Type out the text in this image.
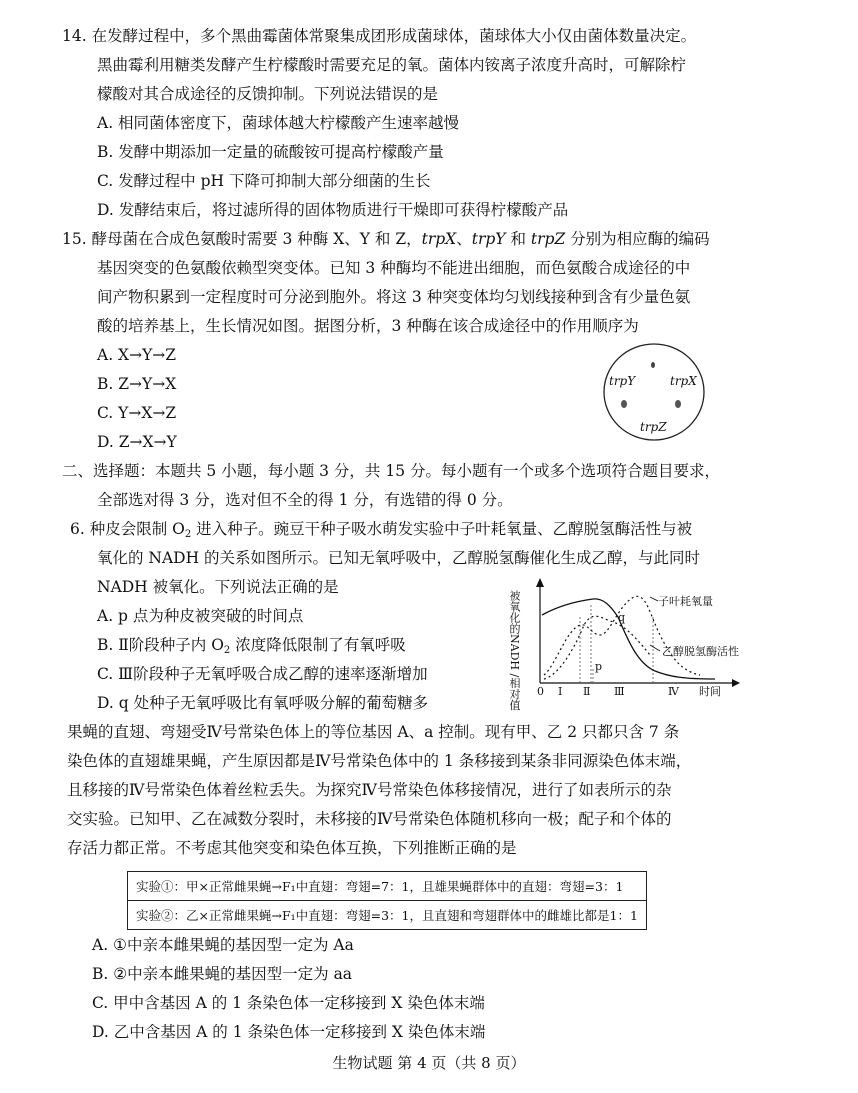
14. 在发酵过程中，多个黑曲霉菌体常聚集成团形成菌球体，菌球体大小仅由菌体数量决定。
黑曲霉利用糖类发酵产生柠檬酸时需要充足的氧。菌体内铵离子浓度升高时，可解除柠
檬酸对其合成途径的反馈抑制。下列说法错误的是
A. 相同菌体密度下，菌球体越大柠檬酸产生速率越慢
B. 发酵中期添加一定量的硫酸铵可提高柠檬酸产量
C. 发酵过程中 pH 下降可抑制大部分细菌的生长
D. 发酵结束后，将过滤所得的固体物质进行干燥即可获得柠檬酸产品
15. 酵母菌在合成色氨酸时需要 3 种酶 X、Y 和 Z，trpX、trpY 和 trpZ 分别为相应酶的编码
基因突变的色氨酸依赖型突变体。已知 3 种酶均不能进出细胞，而色氨酸合成途径的中
间产物积累到一定程度时可分泌到胞外。将这 3 种突变体均匀划线接种到含有少量色氨
酸的培养基上，生长情况如图。据图分析，3 种酶在该合成途径中的作用顺序为
A. X→Y→Z
B. Z→Y→X
C. Y→X→Z
D. Z→X→Y
trpY	trpX
trpZ
二、选择题：本题共 5 小题，每小题 3 分，共 15 分。每小题有一个或多个选项符合题目要求，
全部选对得 3 分，选对但不全的得 1 分，有选错的得 0 分。
6. 种皮会限制 $O_2$ 进入种子。豌豆干种子吸水萌发实验中子叶耗氧量、乙醇脱氢酶活性与被
氧化的 NADH 的关系如图所示。已知无氧呼吸中，乙醇脱氢酶催化生成乙醇，与此同时
NADH 被氧化。下列说法正确的是
A. p 点为种皮被突破的时间点
B. Ⅱ阶段种子内 $O_2$ 浓度降低限制了有氧呼吸
C. Ⅲ阶段种子无氧呼吸合成乙醇的速率逐渐增加
D. q 处种子无氧呼吸比有氧呼吸分解的葡萄糖多	被氧化的NADH /相对值	p
q
子叶耗氧量
乙醇脱氢酶活性
0 Ⅰ Ⅱ Ⅲ	Ⅳ 时间
果蝇的直翅、弯翅受Ⅳ号常染色体上的等位基因 A、a 控制。现有甲、乙 2 只都只含 7 条
染色体的直翅雄果蝇，产生原因都是Ⅳ号常染色体中的 1 条移接到某条非同源染色体末端，
且移接的Ⅳ号常染色体着丝粒丢失。为探究Ⅳ号常染色体移接情况，进行了如表所示的杂
交实验。已知甲、乙在减数分裂时，未移接的Ⅳ号常染色体随机移向一极；配子和个体的
存活力都正常。不考虑其他突变和染色体互换，下列推断正确的是
实验①：甲×正常雌果蝇→F₁中直翅：弯翅=7：1，且雄果蝇群体中的直翅：弯翅=3：1
实验②：乙×正常雌果蝇→F₁中直翅：弯翅=3：1，且直翅和弯翅群体中的雌雄比都是1：1
A. ①中亲本雌果蝇的基因型一定为 Aa
B. ②中亲本雌果蝇的基因型一定为 aa
C. 甲中含基因 A 的 1 条染色体一定移接到 X 染色体末端
D. 乙中含基因 A 的 1 条染色体一定移接到 X 染色体末端
生物试题 第 4 页（共 8 页）
